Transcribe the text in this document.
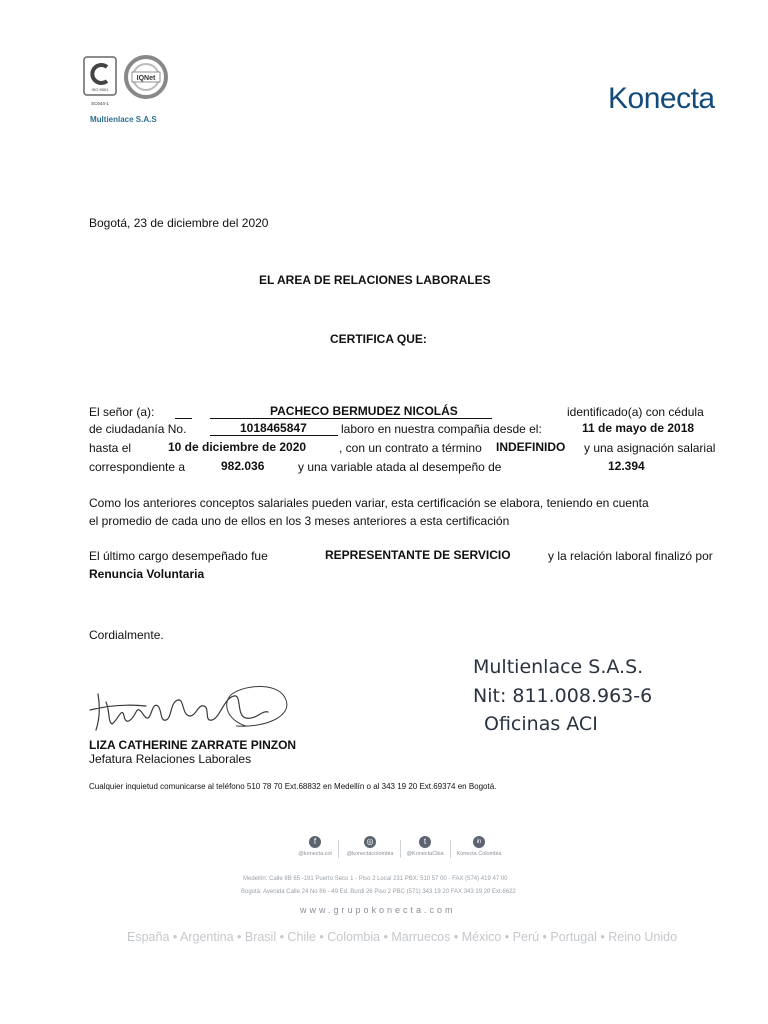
ISO 9001
SC644-1
IQNet
Multienlace S.A.S
Konecta
Bogotá, 23 de diciembre del 2020
EL AREA DE RELACIONES LABORALES
CERTIFICA QUE:
El señor (a):	PACHECO BERMUDEZ NICOLÁS	identificado(a) con cédula
de ciudadanía No.	1018465847	laboro en nuestra compañia desde el:	11 de mayo de 2018
hasta el	10 de diciembre de 2020	, con un contrato a término INDEFINIDO y una asignación salarial
correspondiente a	982.036	y una variable atada al desempeño de	12.394
Como los anteriores conceptos salariales pueden variar, esta certificación se elabora, teniendo en cuenta
el promedio de cada uno de ellos en los 3 meses anteriores a esta certificación
El último cargo desempeñado fue	REPRESENTANTE DE SERVICIO	y la relación laboral finalizó por
Renuncia Voluntaria
Cordialmente.
Multienlace S.A.S.
Nit: 811.008.963-6
Oficinas ACI
LIZA CATHERINE ZARRATE PINZON
Jefatura Relaciones Laborales
Cualquier inquietud comunicarse al teléfono 510 78 70 Ext.68832 en Medellín o al 343 19 20 Ext.69374 en Bogotá.
f
@konecta.col
◎
@konectacolombia
t
@KonectaCbia
in
Konecta Colombia
Medellín: Calle 8B 65 -191 Puerto Seco 1 - Piso 2 Local 231 PBX: 510 57 00 - FAX (574) 419 47 00
Bogotá: Avenida Calle 24 No 86 - 49 Ed. Burdi 26 Piso 2 PBC (571) 343 19 20 FAX 343 19 20 Ext.6622
www.grupokonecta.com
España • Argentina • Brasil • Chile • Colombia • Marruecos • México • Perú • Portugal • Reino Unido
